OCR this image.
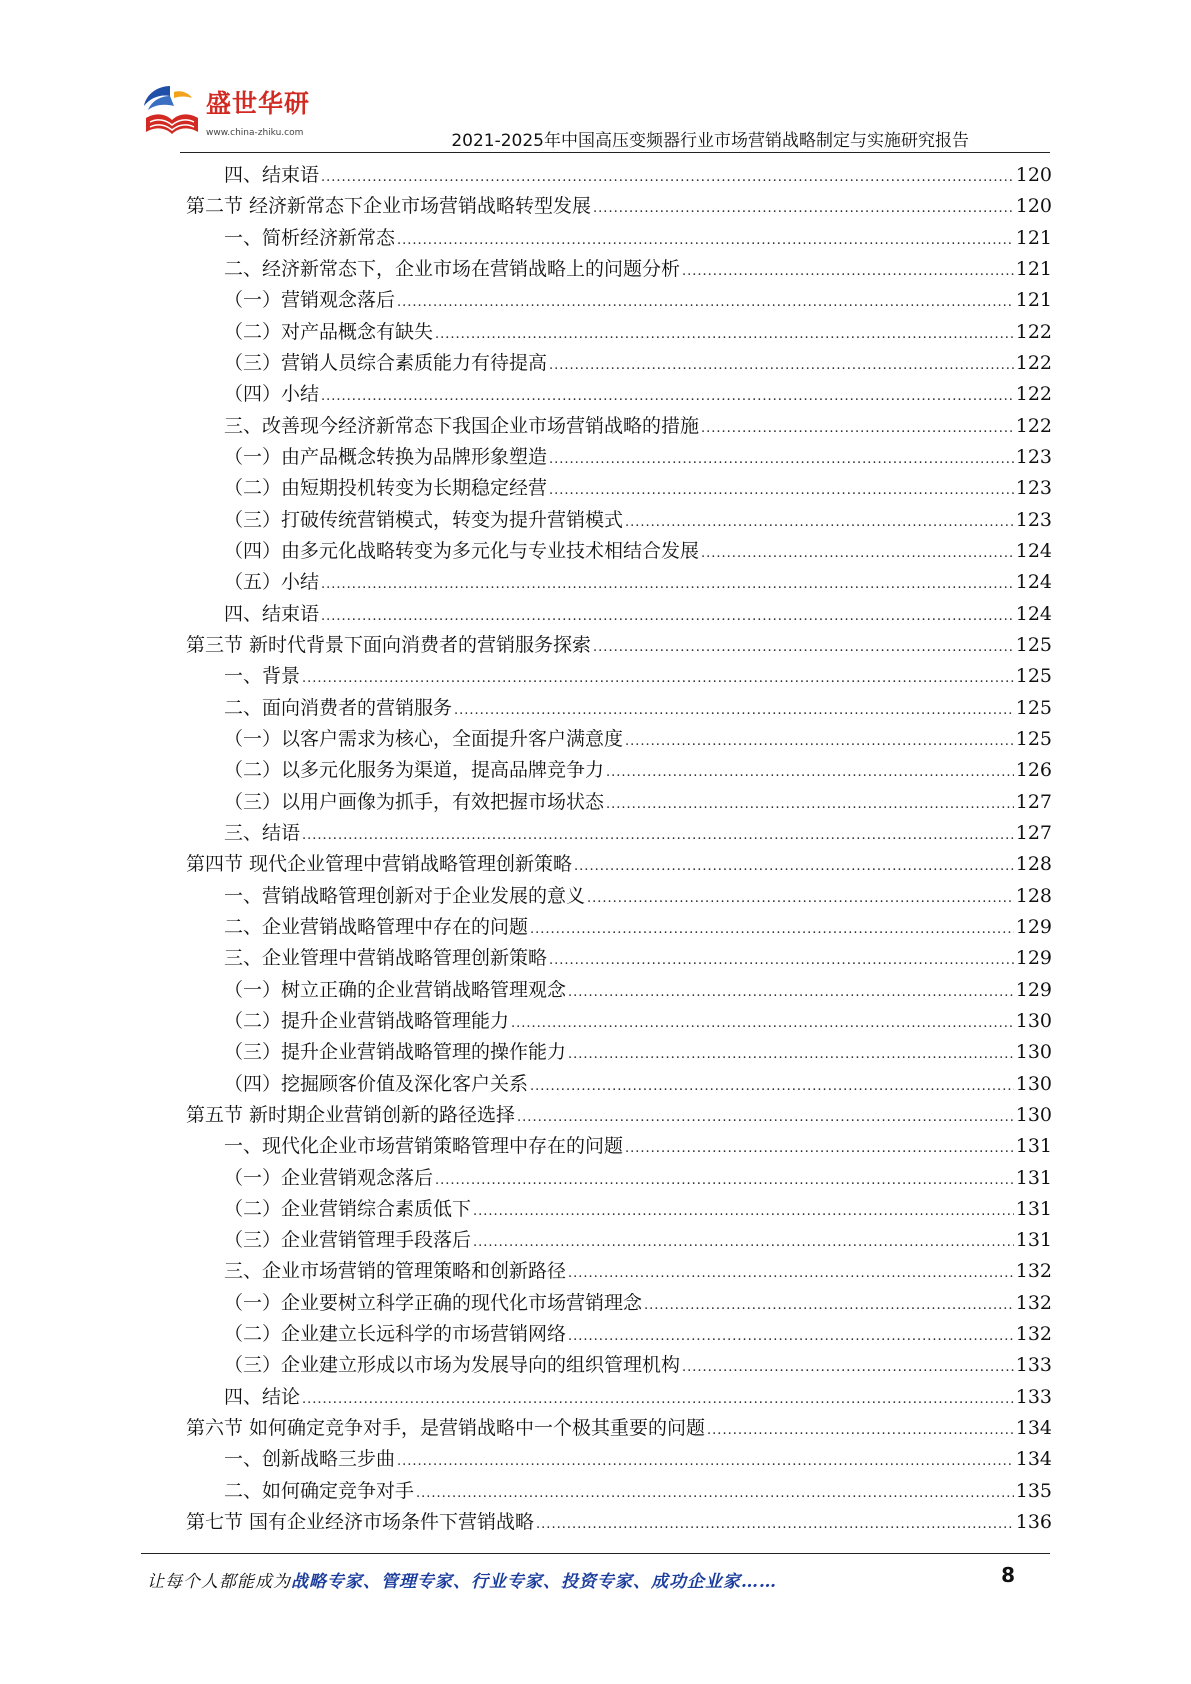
盛世华研
www.china-zhiku.com	2021-2025年中国高压变频器行业市场营销战略制定与实施研究报告
四、结束语 .....	120
第二节 经济新常态下企业市场营销战略转型发展 .....	120
一、简析经济新常态 .....	121
二、经济新常态下，企业市场在营销战略上的问题分析 .....	121
（一）营销观念落后 .....	121
（二）对产品概念有缺失 .....	122
（三）营销人员综合素质能力有待提高 .....	122
（四）小结 .....	122
三、改善现今经济新常态下我国企业市场营销战略的措施 .....	122
（一）由产品概念转换为品牌形象塑造 .....	123
（二）由短期投机转变为长期稳定经营 .....	123
（三）打破传统营销模式，转变为提升营销模式 .....	123
（四）由多元化战略转变为多元化与专业技术相结合发展 .....	124
（五）小结 .....	124
四、结束语 .....	124
第三节 新时代背景下面向消费者的营销服务探索 .....	125
一、背景 .....	125
二、面向消费者的营销服务 .....	125
（一）以客户需求为核心，全面提升客户满意度 .....	125
（二）以多元化服务为渠道，提高品牌竞争力 .....	126
（三）以用户画像为抓手，有效把握市场状态 .....	127
三、结语 .....	127
第四节 现代企业管理中营销战略管理创新策略 .....	128
一、营销战略管理创新对于企业发展的意义 .....	128
二、企业营销战略管理中存在的问题 .....	129
三、企业管理中营销战略管理创新策略 .....	129
（一）树立正确的企业营销战略管理观念 .....	129
（二）提升企业营销战略管理能力 .....	130
（三）提升企业营销战略管理的操作能力 .....	130
（四）挖掘顾客价值及深化客户关系 .....	130
第五节 新时期企业营销创新的路径选择 .....	130
一、现代化企业市场营销策略管理中存在的问题 .....	131
（一）企业营销观念落后 .....	131
（二）企业营销综合素质低下 .....	131
（三）企业营销管理手段落后 .....	131
三、企业市场营销的管理策略和创新路径 .....	132
（一）企业要树立科学正确的现代化市场营销理念 .....	132
（二）企业建立长远科学的市场营销网络 .....	132
（三）企业建立形成以市场为发展导向的组织管理机构 .....	133
四、结论 .....	133
第六节 如何确定竞争对手，是营销战略中一个极其重要的问题 .....	134
一、创新战略三步曲 .....	134
二、如何确定竞争对手 .....	135
第七节 国有企业经济市场条件下营销战略 .....	136
让每个人都能成为战略专家、管理专家、行业专家、投资专家、成功企业家……	8
